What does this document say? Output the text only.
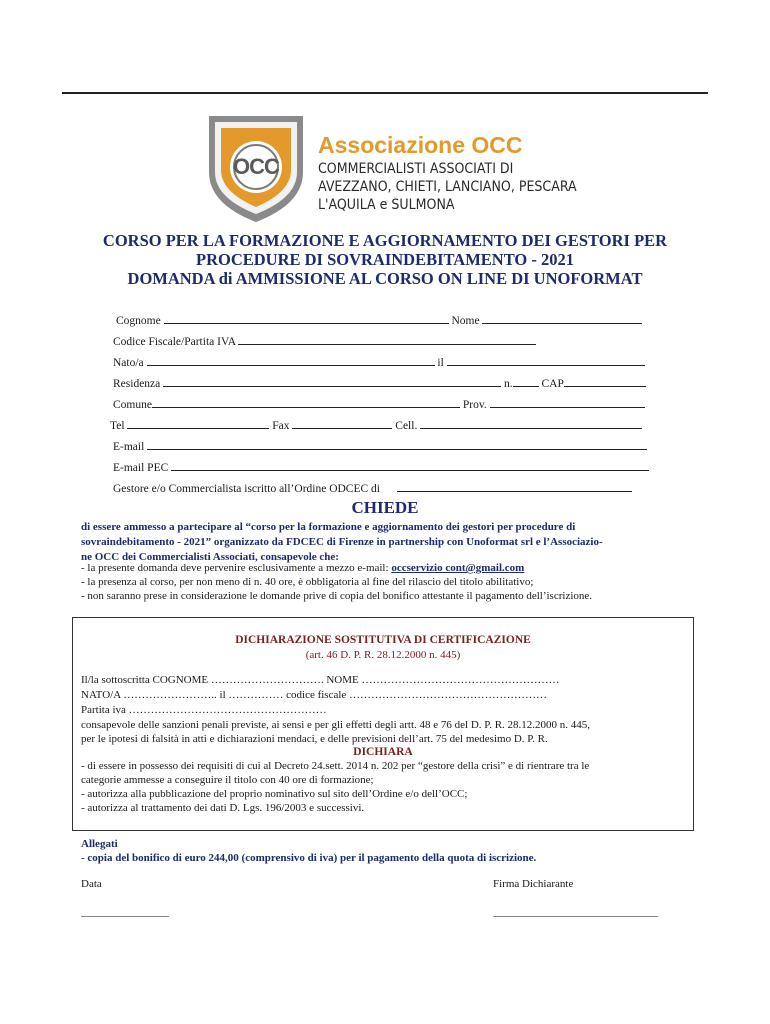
OCC
Associazione OCC
COMMERCIALISTI ASSOCIATI DI
AVEZZANO, CHIETI, LANCIANO, PESCARA
L'AQUILA e SULMONA
CORSO PER LA FORMAZIONE E AGGIORNAMENTO DEI GESTORI PER
PROCEDURE DI SOVRAINDEBITAMENTO - 2021
DOMANDA di AMMISSIONE AL CORSO ON LINE DI UNOFORMAT
Cognome	Nome
Codice Fiscale/Partita IVA
Nato/a	il
Residenza	n.	CAP
Comune	Prov.
Tel	Fax	Cell.
E-mail
E-mail PEC
Gestore e/o Commercialista iscritto all’Ordine ODCEC di
CHIEDE
di essere ammesso a partecipare al “corso per la formazione e aggiornamento dei gestori per procedure di
sovraindebitamento - 2021” organizzato da FDCEC di Firenze in partnership con Unoformat srl e l’Associazio-
ne OCC dei Commercialisti Associati, consapevole che:
- la presente domanda deve pervenire esclusivamente a mezzo e-mail: occservizio cont@gmail.com
- la presenza al corso, per non meno di n. 40 ore, è obbligatoria al fine del rilascio del titolo abilitativo;
- non saranno prese in considerazione le domande prive di copia del bonifico attestante il pagamento dell’iscrizione.
DICHIARAZIONE SOSTITUTIVA DI CERTIFICAZIONE
(art. 46 D. P. R. 28.12.2000 n. 445)
Il/la sottoscritta COGNOME …………………………. NOME ………………………………………………
NATO/A …………………….. il …………… codice fiscale ………………………………………………
Partita iva ………………………………………………
consapevole delle sanzioni penali previste, ai sensi e per gli effetti degli artt. 48 e 76 del D. P. R. 28.12.2000 n. 445,
per le ipotesi di falsità in atti e dichiarazioni mendaci, e delle previsioni dell’art. 75 del medesimo D. P. R.
DICHIARA
- di essere in possesso dei requisiti di cui al Decreto 24.sett. 2014 n. 202 per “gestore della crisi” e di rientrare tra le
categorie ammesse a conseguire il titolo con 40 ore di formazione;
- autorizza alla pubblicazione del proprio nominativo sul sito dell’Ordine e/o dell’OCC;
- autorizza al trattamento dei dati D. Lgs. 196/2003 e successivi.
Allegati
- copia del bonifico di euro 244,00 (comprensivo di iva) per il pagamento della quota di iscrizione.
Data	Firma Dichiarante
________________	______________________________
